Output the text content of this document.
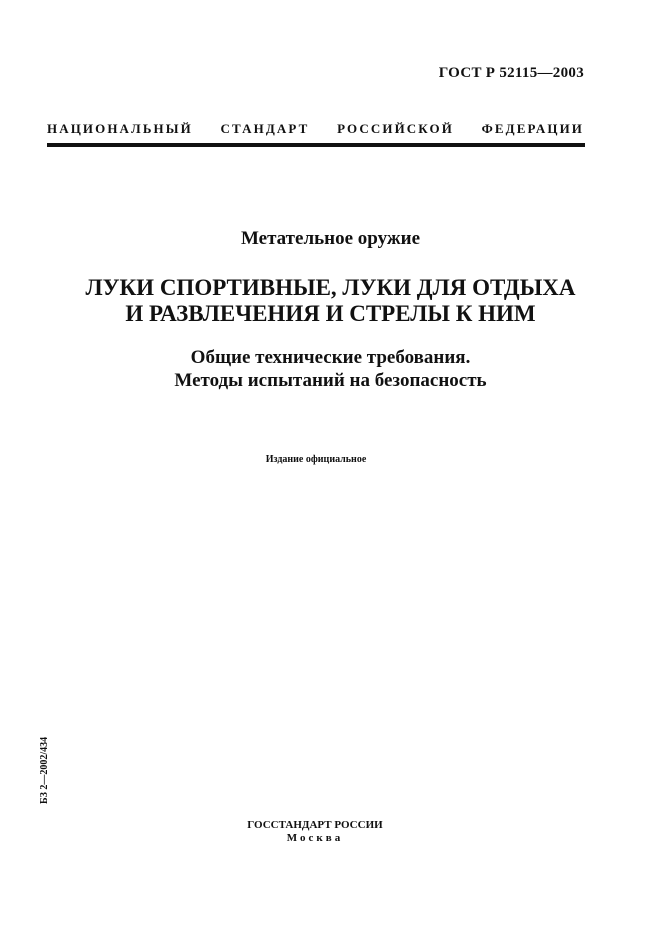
ГОСТ Р 52115—2003
НАЦИОНАЛЬНЫЙ СТАНДАРТ РОССИЙСКОЙ ФЕДЕРАЦИИ
Метательное оружие
ЛУКИ СПОРТИВНЫЕ, ЛУКИ ДЛЯ ОТДЫХА
И РАЗВЛЕЧЕНИЯ И СТРЕЛЫ К НИМ
Общие технические требования.
Методы испытаний на безопасность
Издание официальное
БЗ 2—2002/434
ГОССТАНДАРТ РОССИИ
Москва
